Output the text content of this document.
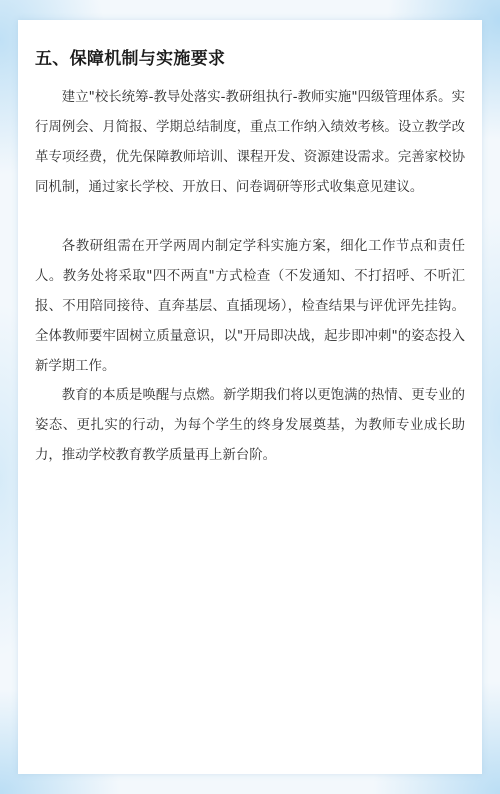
五、保障机制与实施要求

建立"校长统筹-教导处落实-教研组执行-教师实施"四级管理体系。实行周例会、月简报、学期总结制度，重点工作纳入绩效考核。设立教学改革专项经费，优先保障教师培训、课程开发、资源建设需求。完善家校协同机制，通过家长学校、开放日、问卷调研等形式收集意见建议。

各教研组需在开学两周内制定学科实施方案，细化工作节点和责任人。教务处将采取"四不两直"方式检查（不发通知、不打招呼、不听汇报、不用陪同接待、直奔基层、直插现场），检查结果与评优评先挂钩。全体教师要牢固树立质量意识，以"开局即决战，起步即冲刺"的姿态投入新学期工作。

教育的本质是唤醒与点燃。新学期我们将以更饱满的热情、更专业的姿态、更扎实的行动，为每个学生的终身发展奠基，为教师专业成长助力，推动学校教育教学质量再上新台阶。
